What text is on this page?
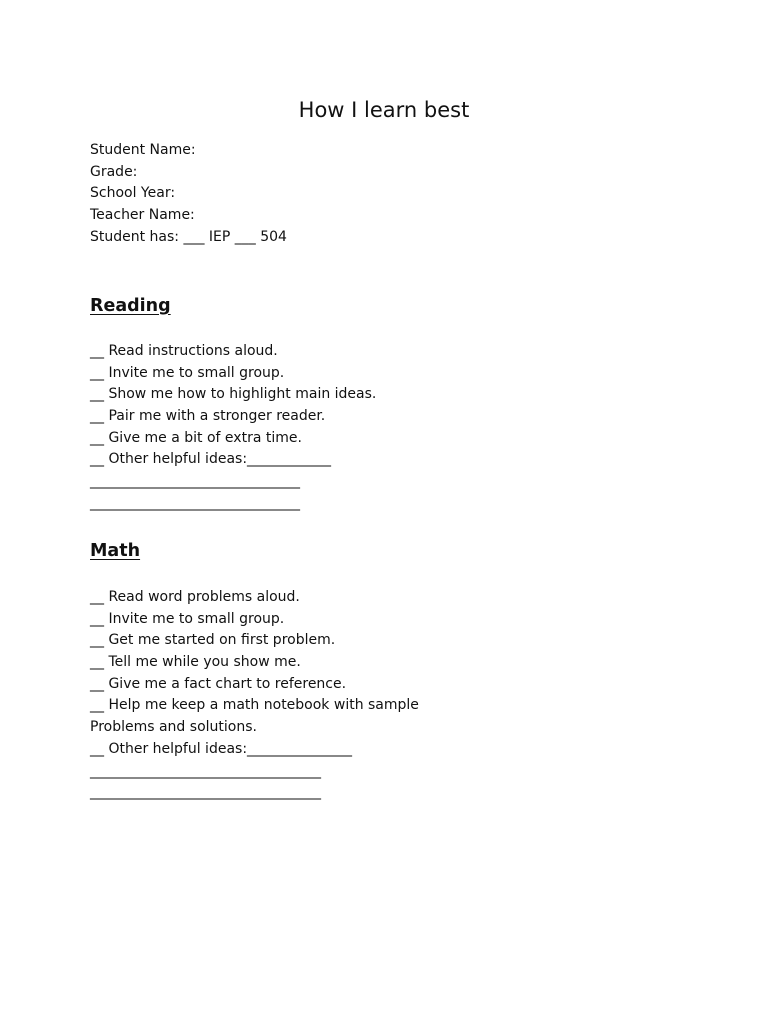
How I learn best
Student Name:
Grade:
School Year:
Teacher Name:
Student has: ___ IEP ___ 504
Reading
__ Read instructions aloud.
__ Invite me to small group.
__ Show me how to highlight main ideas.
__ Pair me with a stronger reader.
__ Give me a bit of extra time.
__ Other helpful ideas:____________
______________________________
______________________________
Math
__ Read word problems aloud.
__ Invite me to small group.
__ Get me started on first problem.
__ Tell me while you show me.
__ Give me a fact chart to reference.
__ Help me keep a math notebook with sample
Problems and solutions.
__ Other helpful ideas:_______________
_________________________________
_________________________________
